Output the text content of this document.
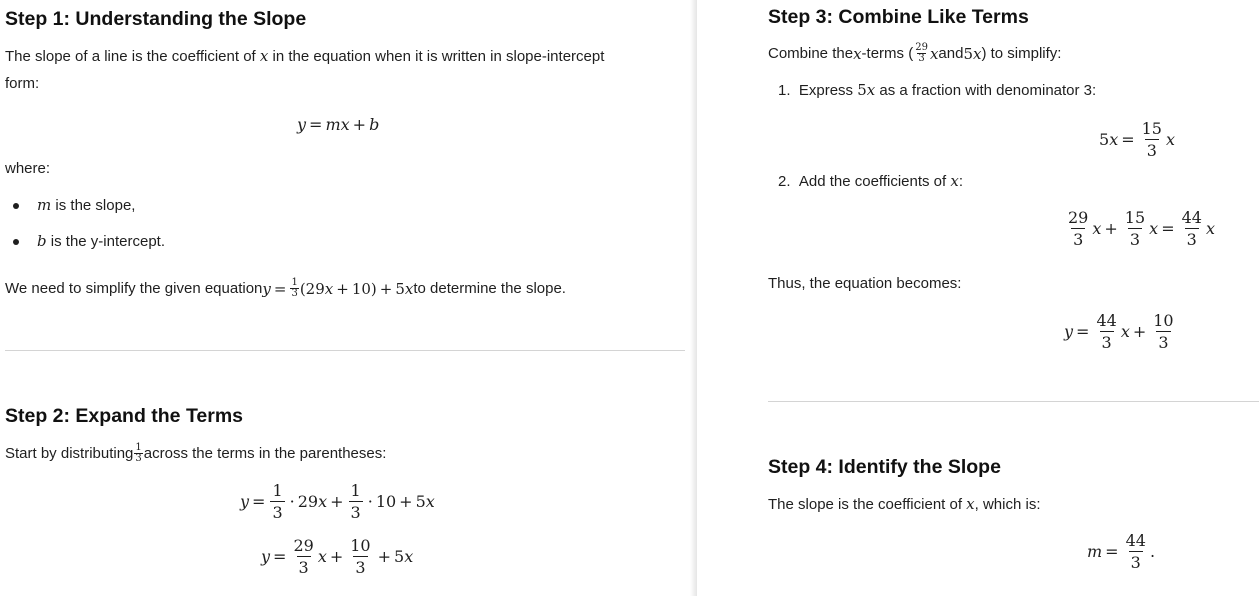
Step 1: Understanding the Slope
The slope of a line is the coefficient of x in the equation when it is written in slope-intercept
form:
y = m x + b
where:
m is the slope,
b is the y-intercept.
We need to simplify the given equation $y = \frac{1}{3} (29$ x + 10) + 5 x to determine the slope.
Step 2: Expand the Terms
Start by distributing $\frac{1}{3}$ across the terms in the parentheses:
$y = \frac{1}{3} \cdot 29$ $x + \frac{1}{3} \cdot 10 + 5$ x
$y = \frac{29}{3}$ $x + \frac{10}{3} + 5$ x
Step 3: Combine Like Terms
Combine the x -terms ( $\frac{29}{3}$ x and 5 x ) to simplify:
1. Express 5x as a fraction with denominator 3:
5 $x = \frac{15}{3}$ x
2. Add the coefficients of x:
$\frac{29}{3}$ $x + \frac{15}{3}$ $x = \frac{44}{3}$ x
Thus, the equation becomes:
$y = \frac{44}{3}$ $x + \frac{10}{3}$
Step 4: Identify the Slope
The slope is the coefficient of x, which is:
$m = \frac{44}{3}$ .
